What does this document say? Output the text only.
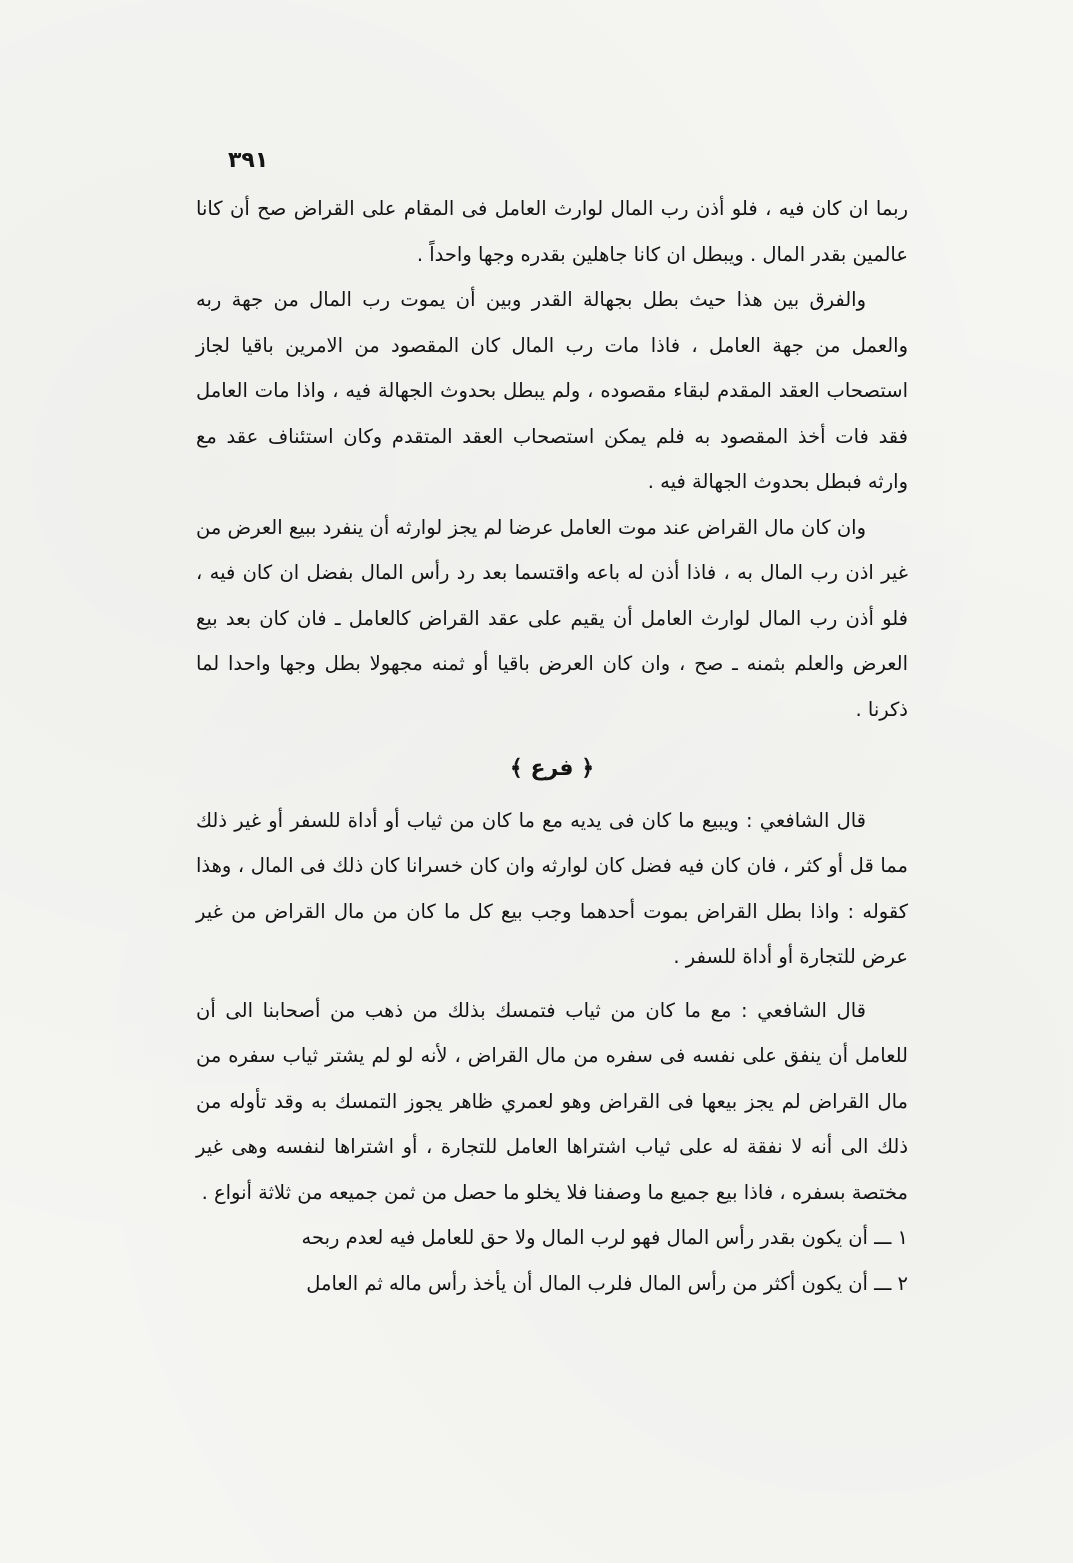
٣٩١

ربما ان كان فيه ، فلو أذن رب المال لوارث العامل فى المقام على القراض صح أن كانا عالمين بقدر المال . ويبطل ان كانا جاهلين بقدره وجها واحداً .

والفرق بين هذا حيث بطل بجهالة القدر وبين أن يموت رب المال من جهة ربه والعمل من جهة العامل ، فاذا مات رب المال كان المقصود من الامرين باقيا لجاز استصحاب العقد المقدم لبقاء مقصوده ، ولم يبطل بحدوث الجهالة فيه ، واذا مات العامل فقد فات أخذ المقصود به فلم يمكن استصحاب العقد المتقدم وكان استئناف عقد مع وارثه فبطل بحدوث الجهالة فيه .

وان كان مال القراض عند موت العامل عرضا لم يجز لوارثه أن ينفرد ببيع العرض من غير اذن رب المال به ، فاذا أذن له باعه واقتسما بعد رد رأس المال بفضل ان كان فيه ، فلو أذن رب المال لوارث العامل أن يقيم على عقد القراض كالعامل ـ فان كان بعد بيع العرض والعلم بثمنه ـ صح ، وان كان العرض باقيا أو ثمنه مجهولا بطل وجها واحدا لما ذكرنا .

﴿ فرع ﴾

قال الشافعي : ويبيع ما كان فى يديه مع ما كان من ثياب أو أداة للسفر أو غير ذلك مما قل أو كثر ، فان كان فيه فضل كان لوارثه وان كان خسرانا كان ذلك فى المال ، وهذا كقوله : واذا بطل القراض بموت أحدهما وجب بيع كل ما كان من مال القراض من غير عرض للتجارة أو أداة للسفر .

قال الشافعي : مع ما كان من ثياب فتمسك بذلك من ذهب من أصحابنا الى أن للعامل أن ينفق على نفسه فى سفره من مال القراض ، لأنه لو لم يشتر ثياب سفره من مال القراض لم يجز بيعها فى القراض وهو لعمري ظاهر يجوز التمسك به وقد تأوله من ذلك الى أنه لا نفقة له على ثياب اشتراها العامل للتجارة ، أو اشتراها لنفسه وهى غير مختصة بسفره ، فاذا بيع جميع ما وصفنا فلا يخلو ما حصل من ثمن جميعه من ثلاثة أنواع .

١ ـــ أن يكون بقدر رأس المال فهو لرب المال ولا حق للعامل فيه لعدم ربحه

٢ ـــ أن يكون أكثر من رأس المال فلرب المال أن يأخذ رأس ماله ثم العامل
